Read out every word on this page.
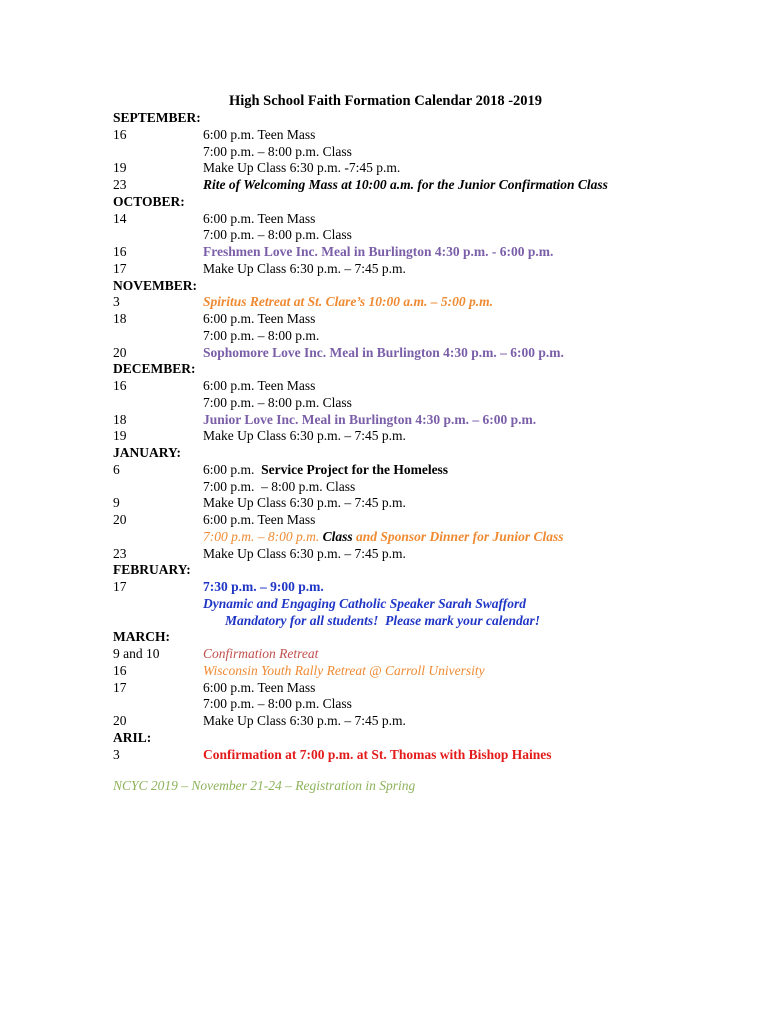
High School Faith Formation Calendar 2018 -2019
SEPTEMBER:
16	6:00 p.m. Teen Mass
7:00 p.m. – 8:00 p.m. Class
19	Make Up Class 6:30 p.m. -7:45 p.m.
23	Rite of Welcoming Mass at 10:00 a.m. for the Junior Confirmation Class
OCTOBER:
14	6:00 p.m. Teen Mass
7:00 p.m. – 8:00 p.m. Class
16	Freshmen Love Inc. Meal in Burlington 4:30 p.m. - 6:00 p.m.
17	Make Up Class 6:30 p.m. – 7:45 p.m.
NOVEMBER:
3	Spiritus Retreat at St. Clare’s 10:00 a.m. – 5:00 p.m.
18	6:00 p.m. Teen Mass
7:00 p.m. – 8:00 p.m.
20	Sophomore Love Inc. Meal in Burlington 4:30 p.m. – 6:00 p.m.
DECEMBER:
16	6:00 p.m. Teen Mass
7:00 p.m. – 8:00 p.m. Class
18	Junior Love Inc. Meal in Burlington 4:30 p.m. – 6:00 p.m.
19	Make Up Class 6:30 p.m. – 7:45 p.m.
JANUARY:
6	6:00 p.m.  Service Project for the Homeless
7:00 p.m.  – 8:00 p.m. Class
9	Make Up Class 6:30 p.m. – 7:45 p.m.
20	6:00 p.m. Teen Mass
7:00 p.m. – 8:00 p.m. Class and Sponsor Dinner for Junior Class
23	Make Up Class 6:30 p.m. – 7:45 p.m.
FEBRUARY:
17	7:30 p.m. – 9:00 p.m.
Dynamic and Engaging Catholic Speaker Sarah Swafford
Mandatory for all students!  Please mark your calendar!
MARCH:
9 and 10	Confirmation Retreat
16	Wisconsin Youth Rally Retreat @ Carroll University
17	6:00 p.m. Teen Mass
7:00 p.m. – 8:00 p.m. Class
20	Make Up Class 6:30 p.m. – 7:45 p.m.
ARIL:
3	Confirmation at 7:00 p.m. at St. Thomas with Bishop Haines
NCYC 2019 – November 21-24 – Registration in Spring
